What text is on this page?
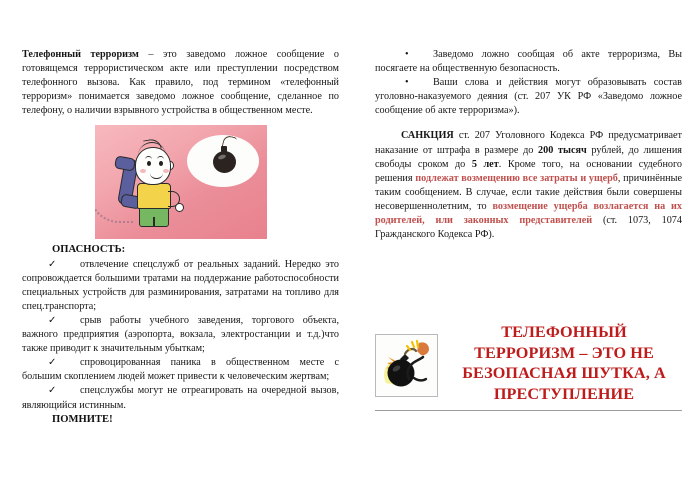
Телефонный терроризм – это заведомо ложное сообщение о готовящемся террористическом акте или преступлении посредством телефонного вызова. Как правило, под термином «телефонный терроризм» понимается заведомо ложное сообщение, сделанное по телефону, о наличии взрывного устройства в общественном месте.

ОПАСНОСТЬ:

✓ отвлечение спецслужб от реальных заданий. Нередко это сопровождается большими тратами на поддержание работоспособности специальных устройств для разминирования, затратами на топливо для спец.транспорта;

✓ срыв работы учебного заведения, торгового объекта, важного предприятия (аэропорта, вокзала, электростанции и т.д.)что также приводит к значительным убыткам;

✓ спровоцированная паника в общественном месте с большим скоплением людей может привести к человеческим жертвам;

✓ спецслужбы могут не отреагировать на очередной вызов, являющийся истинным.

ПОМНИТЕ!

• Заведомо ложно сообщая об акте терроризма, Вы посягаете на общественную безопасность.

• Ваши слова и действия могут образовывать состав уголовно-наказуемого деяния (ст. 207 УК РФ «Заведомо ложное сообщение об акте терроризма»).

САНКЦИЯ ст. 207 Уголовного Кодекса РФ предусматривает наказание от штрафа в размере до 200 тысяч рублей, до лишения свободы сроком до 5 лет. Кроме того, на основании судебного решения подлежат возмещению все затраты и ущерб, причинённые таким сообщением. В случае, если такие действия были совершены несовершеннолетним, то возмещение ущерба возлагается на их родителей, или законных представителей (ст. 1073, 1074 Гражданского Кодекса РФ).

ТЕЛЕФОННЫЙ
ТЕРРОРИЗМ – ЭТО НЕ
БЕЗОПАСНАЯ ШУТКА, А
ПРЕСТУПЛЕНИЕ
